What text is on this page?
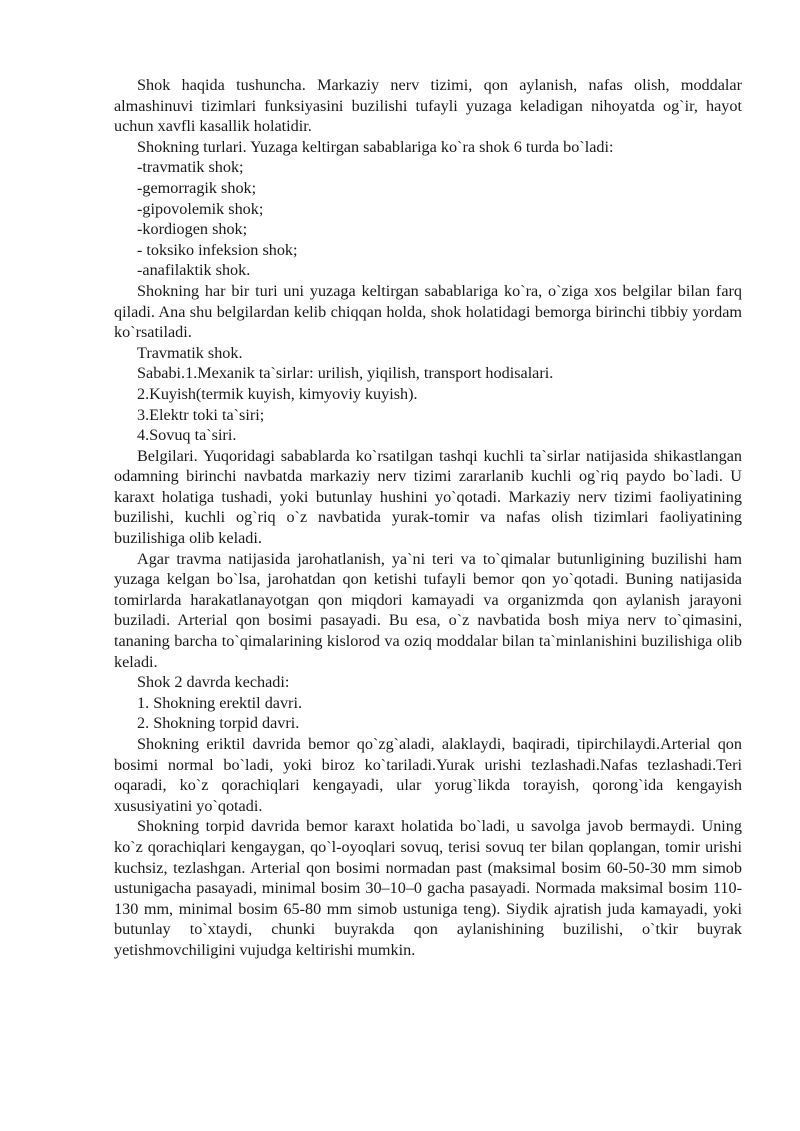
Shok haqida tushuncha. Markaziy nerv tizimi, qon aylanish, nafas olish, moddalar almashinuvi tizimlari funksiyasini buzilishi tufayli yuzaga keladigan nihoyatda og`ir, hayot uchun xavfli kasallik holatidir.

Shokning turlari. Yuzaga keltirgan sabablariga ko`ra shok 6 turda bo`ladi:

-travmatik shok;

-gemorragik shok;

-gipovolemik shok;

-kordiogen shok;

- toksiko infeksion shok;

-anafilaktik shok.

Shokning har bir turi uni yuzaga keltirgan sabablariga ko`ra, o`ziga xos belgilar bilan farq qiladi. Ana shu belgilardan kelib chiqqan holda, shok holatidagi bemorga birinchi tibbiy yordam ko`rsatiladi.

Travmatik shok.

Sababi.1.Mexanik ta`sirlar: urilish, yiqilish, transport hodisalari.

2.Kuyish(termik kuyish, kimyoviy kuyish).

3.Elektr toki ta`siri;

4.Sovuq ta`siri.

Belgilari. Yuqoridagi sabablarda ko`rsatilgan tashqi kuchli ta`sirlar natijasida shikastlangan odamning birinchi navbatda markaziy nerv tizimi zararlanib kuchli og`riq paydo bo`ladi. U karaxt holatiga tushadi, yoki butunlay hushini yo`qotadi. Markaziy nerv tizimi faoliyatining buzilishi, kuchli og`riq o`z navbatida yurak-tomir va nafas olish tizimlari faoliyatining buzilishiga olib keladi.

Agar travma natijasida jarohatlanish, ya`ni teri va to`qimalar butunligining buzilishi ham yuzaga kelgan bo`lsa, jarohatdan qon ketishi tufayli bemor qon yo`qotadi. Buning natijasida tomirlarda harakatlanayotgan qon miqdori kamayadi va organizmda qon aylanish jarayoni buziladi. Arterial qon bosimi pasayadi. Bu esa, o`z navbatida bosh miya nerv to`qimasini, tananing barcha to`qimalarining kislorod va oziq moddalar bilan ta`minlanishini buzilishiga olib keladi.

Shok 2 davrda kechadi:

1. Shokning erektil davri.

2. Shokning torpid davri.

Shokning eriktil davrida bemor qo`zg`aladi, alaklaydi, baqiradi, tipirchilaydi.Arterial qon bosimi normal bo`ladi, yoki biroz ko`tariladi.Yurak urishi tezlashadi.Nafas tezlashadi.Teri oqaradi, ko`z qorachiqlari kengayadi, ular yorug`likda torayish, qorong`ida kengayish xususiyatini yo`qotadi.

Shokning torpid davrida bemor karaxt holatida bo`ladi, u savolga javob bermaydi. Uning ko`z qorachiqlari kengaygan, qo`l-oyoqlari sovuq, terisi sovuq ter bilan qoplangan, tomir urishi kuchsiz, tezlashgan. Arterial qon bosimi normadan past (maksimal bosim 60-50-30 mm simob ustunigacha pasayadi, minimal bosim 30–10–0 gacha pasayadi. Normada maksimal bosim 110-130 mm, minimal bosim 65-80 mm simob ustuniga teng). Siydik ajratish juda kamayadi, yoki butunlay to`xtaydi, chunki buyrakda qon aylanishining buzilishi, o`tkir buyrak yetishmovchiligini vujudga keltirishi mumkin.
